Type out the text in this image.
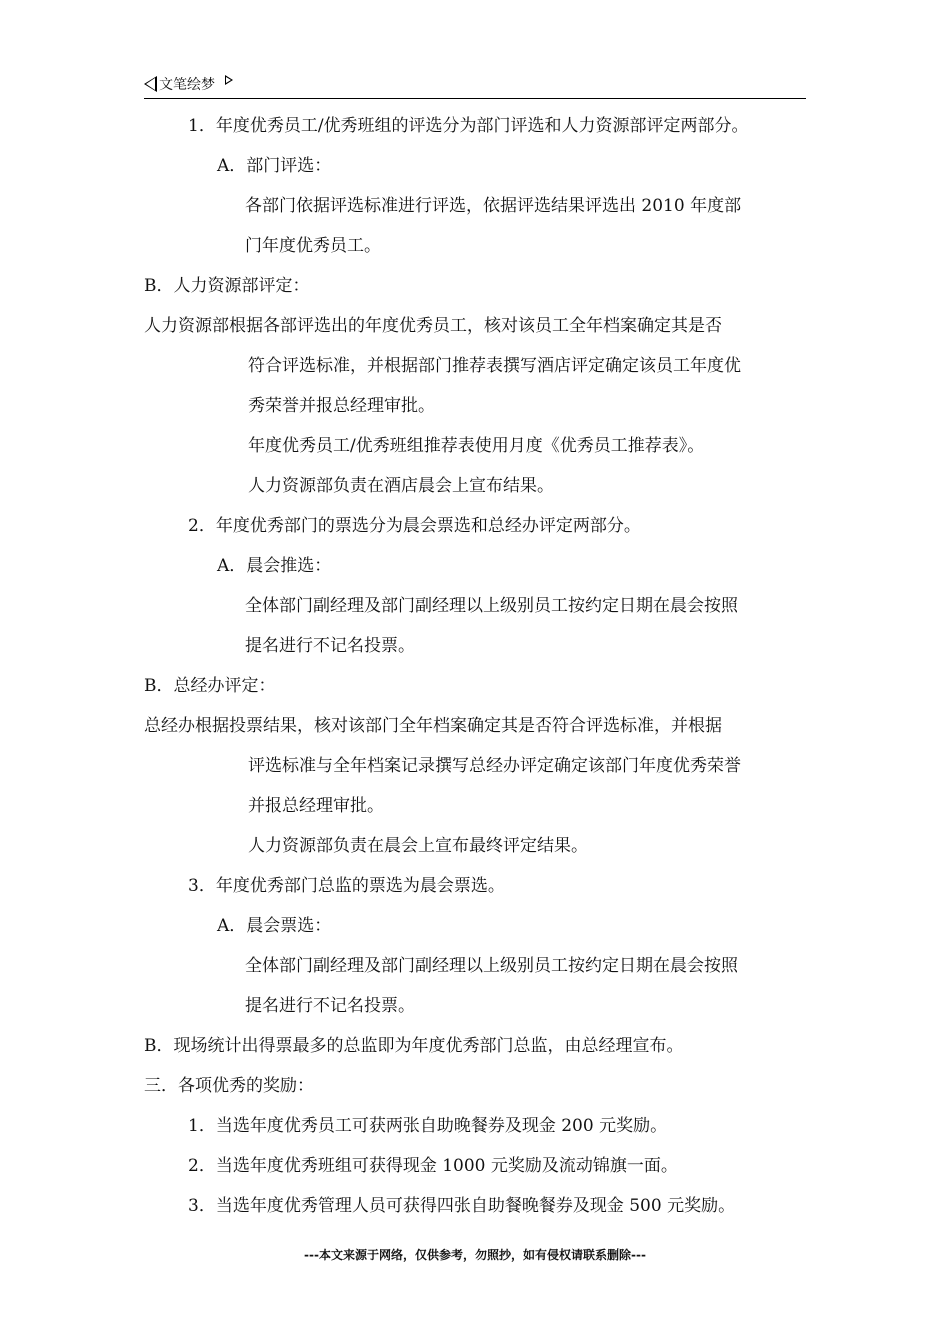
文笔绘梦
1．年度优秀员工/优秀班组的评选分为部门评选和人力资源部评定两部分。
A．部门评选：
各部门依据评选标准进行评选，依据评选结果评选出 2010 年度部
门年度优秀员工。
B．人力资源部评定：
人力资源部根据各部评选出的年度优秀员工，核对该员工全年档案确定其是否
符合评选标准，并根据部门推荐表撰写酒店评定确定该员工年度优
秀荣誉并报总经理审批。
年度优秀员工/优秀班组推荐表使用月度《优秀员工推荐表》。
人力资源部负责在酒店晨会上宣布结果。
2．年度优秀部门的票选分为晨会票选和总经办评定两部分。
A．晨会推选：
全体部门副经理及部门副经理以上级别员工按约定日期在晨会按照
提名进行不记名投票。
B．总经办评定：
总经办根据投票结果，核对该部门全年档案确定其是否符合评选标准，并根据
评选标准与全年档案记录撰写总经办评定确定该部门年度优秀荣誉
并报总经理审批。
人力资源部负责在晨会上宣布最终评定结果。
3．年度优秀部门总监的票选为晨会票选。
A．晨会票选：
全体部门副经理及部门副经理以上级别员工按约定日期在晨会按照
提名进行不记名投票。
B．现场统计出得票最多的总监即为年度优秀部门总监，由总经理宣布。
三．各项优秀的奖励：
1．当选年度优秀员工可获两张自助晚餐券及现金 200 元奖励。
2．当选年度优秀班组可获得现金 1000 元奖励及流动锦旗一面。
3．当选年度优秀管理人员可获得四张自助餐晚餐券及现金 500 元奖励。
---本文来源于网络，仅供参考，勿照抄，如有侵权请联系删除---
